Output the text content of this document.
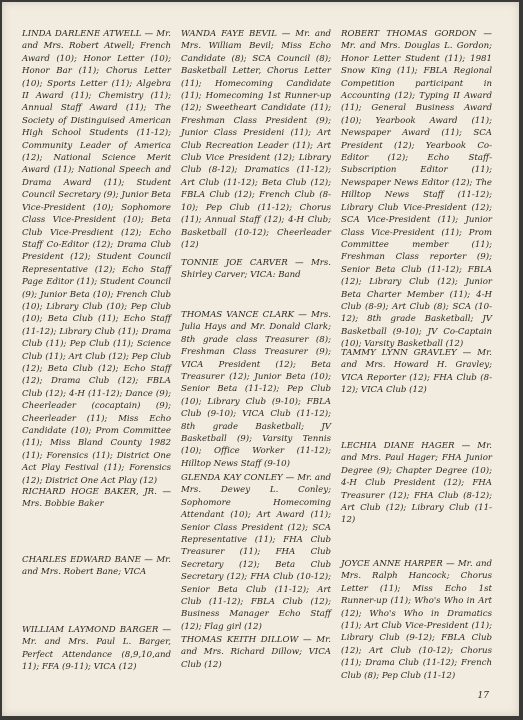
LINDA DARLENE ATWELL — Mr. and Mrs. Robert Atwell; French Award (10); Honor Letter (10); Honor Bar (11); Chorus Letter (10); Sports Letter (11); Algebra II Award (11); Chemistry (11); Annual Staff Award (11); The Society of Distinguised American High School Students (11-12); Community Leader of America (12); National Science Merit Award (11); National Speech and Drama Award (11); Student Council Secretary (9); Junior Beta Vice-President (10); Sophomore Class Vice-President (10); Beta Club Vice-Presdient (12); Echo Staff Co-Editor (12); Drama Club President (12); Student Council Representative (12); Echo Staff Page Editor (11); Student Council (9); Junior Beta (10); French Club (10); Library Club (10); Pep Club (10); Beta Club (11); Echo Staff (11-12); Library Club (11); Drama Club (11); Pep Club (11); Science Club (11); Art Club (12); Pep Club (12); Beta Club (12); Echo Staff (12); Drama Club (12); FBLA Club (12); 4-H (11-12); Dance (9); Cheerleader (cocaptain) (9); Cheerleader (11); Miss Echo Candidate (10); Prom Committee (11); Miss Bland County 1982 (11); Forensics (11); District One Act Play Festival (11); Forensics (12); District One Act Play (12)

RICHARD HOGE BAKER, JR. — Mrs. Bobbie Baker

CHARLES EDWARD BANE — Mr. and Mrs. Robert Bane; VICA

WILLIAM LAYMOND BARGER — Mr. and Mrs. Paul L. Barger, Perfect Attendance (8,9,10,and 11); FFA (9-11); VICA (12)

WANDA FAYE BEVIL — Mr. and Mrs. William Bevil; Miss Echo Candidate (8); SCA Council (8); Basketball Letter, Chorus Letter (11); Homecoming Candidate (11); Homecoming 1st Runner-up (12); Sweetheart Candidate (11); Freshman Class President (9); Junior Class Presideni (11); Art Club Recreation Leader (11); Art Club Vice President (12); Library Club (8-12); Dramatics (11-12); Art Club (11-12); Beta Club (12); FBLA Club (12); French Club (8-10); Pep Club (11-12); Chorus (11); Annual Staff (12); 4-H Club; Basketball (10-12); Cheerleader (12)

TONNIE JOE CARVER — Mrs. Shirley Carver; VICA: Band

THOMAS VANCE CLARK — Mrs. Julia Hays and Mr. Donald Clark; 8th grade class Treasurer (8); Freshman Class Treasurer (9); VICA President (12); Beta Treasurer (12); Junior Beta (10); Senior Beta (11-12); Pep Club (10); Library Club (9-10); FBLA Club (9-10); VICA Club (11-12); 8th grade Basketball; JV Basketball (9); Varsity Tennis (10); Office Worker (11-12); Hilltop News Staff (9-10)

GLENDA KAY CONLEY — Mr. and Mrs. Dewey L. Conley; Sophomore Homecoming Attendant (10); Art Award (11); Senior Class President (12); SCA Representative (11); FHA Club Treasurer (11); FHA Club Secretary (12); Beta Club Secretary (12); FHA Club (10-12); Senior Beta Club (11-12); Art Club (11-12); FBLA Club (12); Business Manager Echo Staff (12); Flag girl (12)

THOMAS KEITH DILLOW — Mr. and Mrs. Richard Dillow; VICA Club (12)

ROBERT THOMAS GORDON — Mr. and Mrs. Douglas L. Gordon; Honor Letter Student (11); 1981 Snow King (11); FBLA Regional Competition participant in Accounting (12); Typing II Award (11); General Business Award (10); Yearbook Award (11); Newspaper Award (11); SCA President (12); Yearbook Co-Editor (12); Echo Staff-Subscription Editor (11); Newspaper News Editor (12); The Hilltop News Staff (11-12); Library Club Vice-President (12); SCA Vice-President (11); Junior Class Vice-President (11); Prom Committee member (11); Freshman Class reporter (9); Senior Beta Club (11-12); FBLA (12); Library Club (12); Junior Beta Charter Member (11); 4-H Club (8-9); Art Club (8); SCA (10-12); 8th grade Basketball; JV Basketball (9-10); JV Co-Captain (10); Varsity Basketball (12)

TAMMY LYNN GRAVLEY — Mr. and Mrs. Howard H. Gravley; VICA Reporter (12); FHA Club (8-12); VICA Club (12)

LECHIA DIANE HAGER — Mr. and Mrs. Paul Hager; FHA Junior Degree (9); Chapter Degree (10); 4-H Club President (12); FHA Treasurer (12); FHA Club (8-12); Art Club (12); Library Club (11-12)

JOYCE ANNE HARPER — Mr. and Mrs. Ralph Hancock; Chorus Letter (11); Miss Echo 1st Runner-up (11); Who's Who in Art (12); Who's Who in Dramatics (11); Art Club Vice-President (11); Library Club (9-12); FBLA Club (12); Art Club (10-12); Chorus (11); Drama Club (11-12); French Club (8); Pep Club (11-12)

17
